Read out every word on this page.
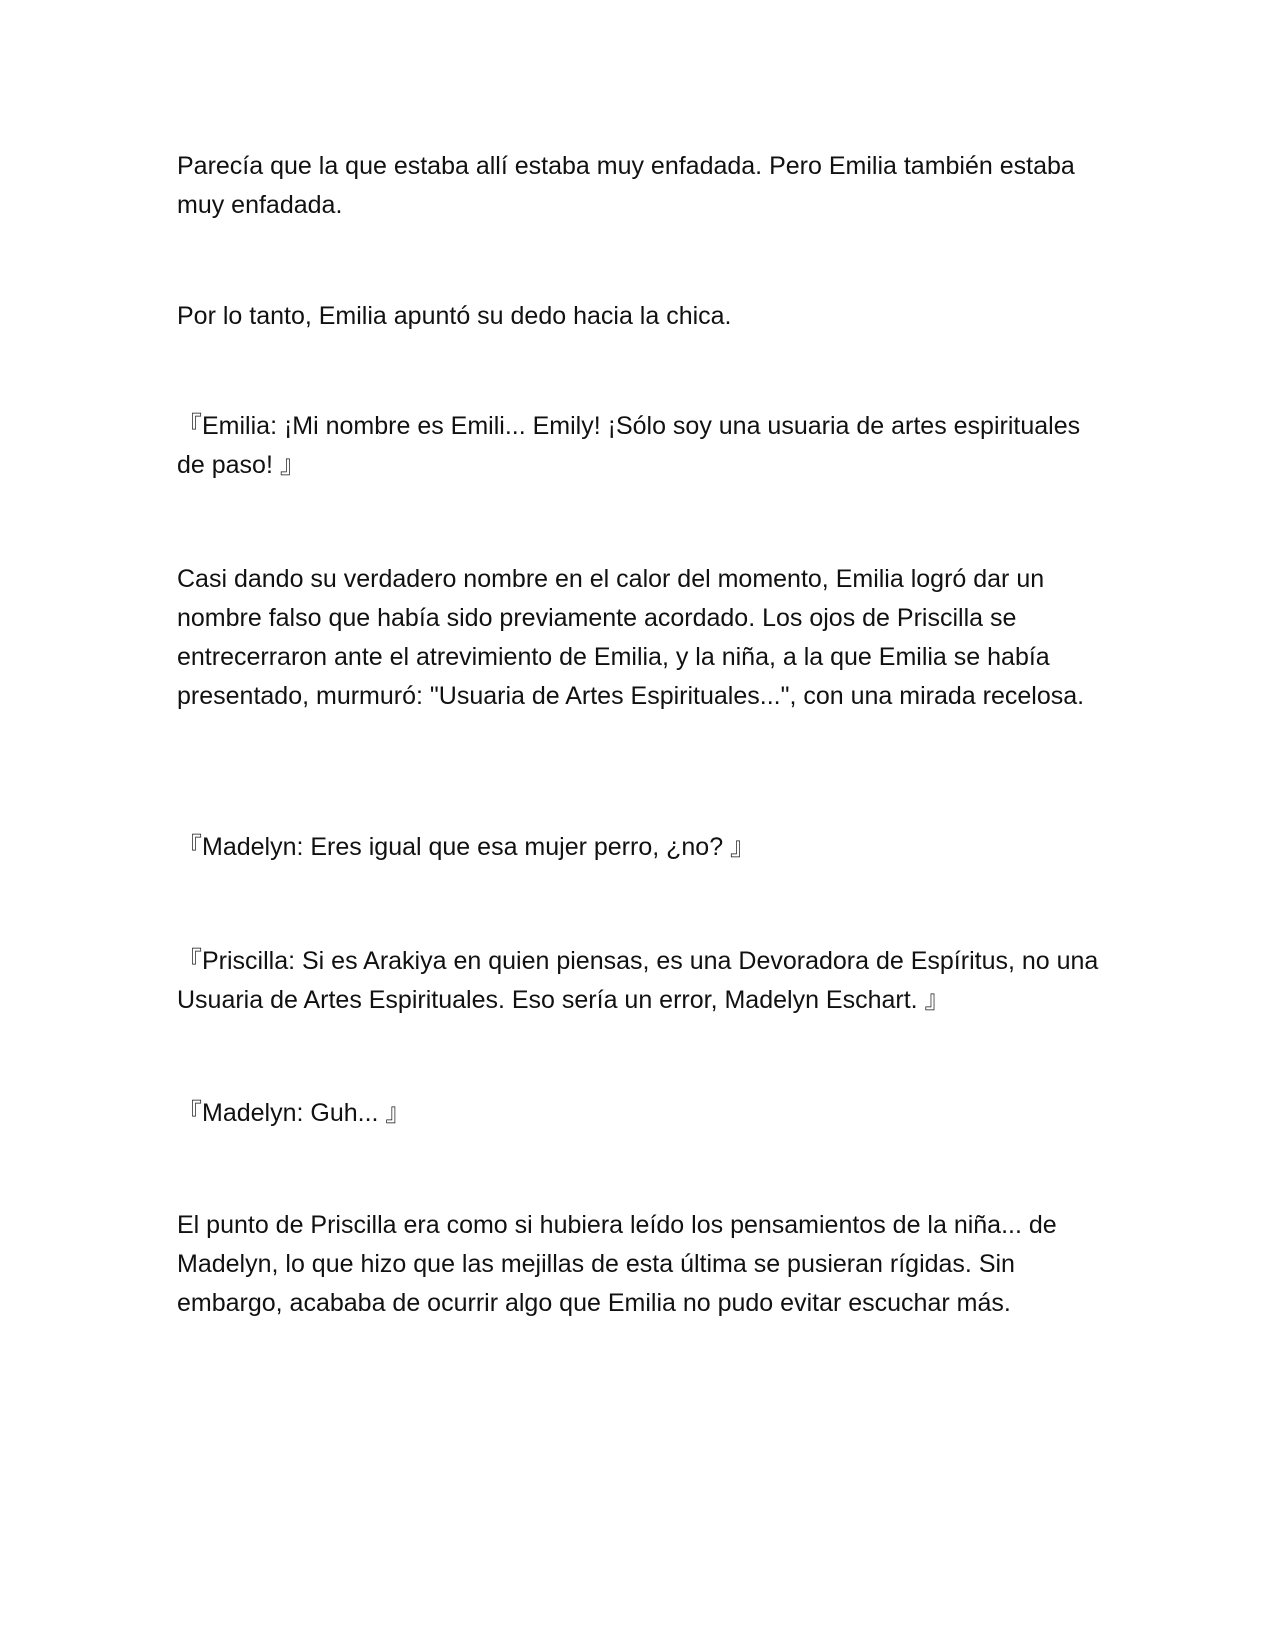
Parecía que la que estaba allí estaba muy enfadada. Pero Emilia también estaba muy enfadada.

Por lo tanto, Emilia apuntó su dedo hacia la chica.

『Emilia: ¡Mi nombre es Emili... Emily! ¡Sólo soy una usuaria de artes espirituales de paso! 』

Casi dando su verdadero nombre en el calor del momento, Emilia logró dar un nombre falso que había sido previamente acordado. Los ojos de Priscilla se entrecerraron ante el atrevimiento de Emilia, y la niña, a la que Emilia se había presentado, murmuró: "Usuaria de Artes Espirituales...", con una mirada recelosa.

『Madelyn: Eres igual que esa mujer perro, ¿no? 』

『Priscilla: Si es Arakiya en quien piensas, es una Devoradora de Espíritus, no una Usuaria de Artes Espirituales. Eso sería un error, Madelyn Eschart. 』

『Madelyn: Guh... 』

El punto de Priscilla era como si hubiera leído los pensamientos de la niña... de Madelyn, lo que hizo que las mejillas de esta última se pusieran rígidas. Sin embargo, acababa de ocurrir algo que Emilia no pudo evitar escuchar más.
